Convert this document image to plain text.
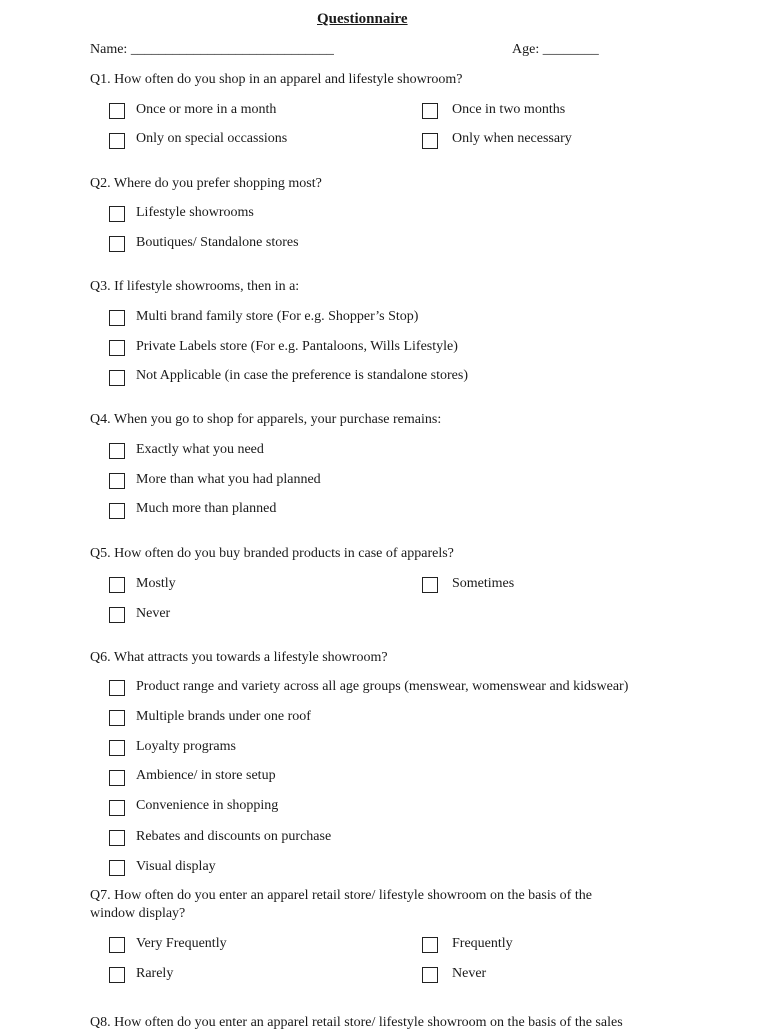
Questionnaire
Name: _____________________________	Age: ________
Q1. How often do you shop in an apparel and lifestyle showroom?
Once or more in a month	Once in two months
Only on special occassions	Only when necessary
Q2. Where do you prefer shopping most?
Lifestyle showrooms
Boutiques/ Standalone stores
Q3. If lifestyle showrooms, then in a:
Multi brand family store (For e.g. Shopper’s Stop)
Private Labels store (For e.g. Pantaloons, Wills Lifestyle)
Not Applicable (in case the preference is standalone stores)
Q4. When you go to shop for apparels, your purchase remains:
Exactly what you need
More than what you had planned
Much more than planned
Q5. How often do you buy branded products in case of apparels?
Mostly	Sometimes
Never
Q6. What attracts you towards a lifestyle showroom?
Product range and variety across all age groups (menswear, womenswear and kidswear)
Multiple brands under one roof
Loyalty programs
Ambience/ in store setup
Convenience in shopping
Rebates and discounts on purchase
Visual display
Q7. How often do you enter an apparel retail store/ lifestyle showroom on the basis of the
window display?
Very Frequently	Frequently
Rarely	Never
Q8. How often do you enter an apparel retail store/ lifestyle showroom on the basis of the sales
